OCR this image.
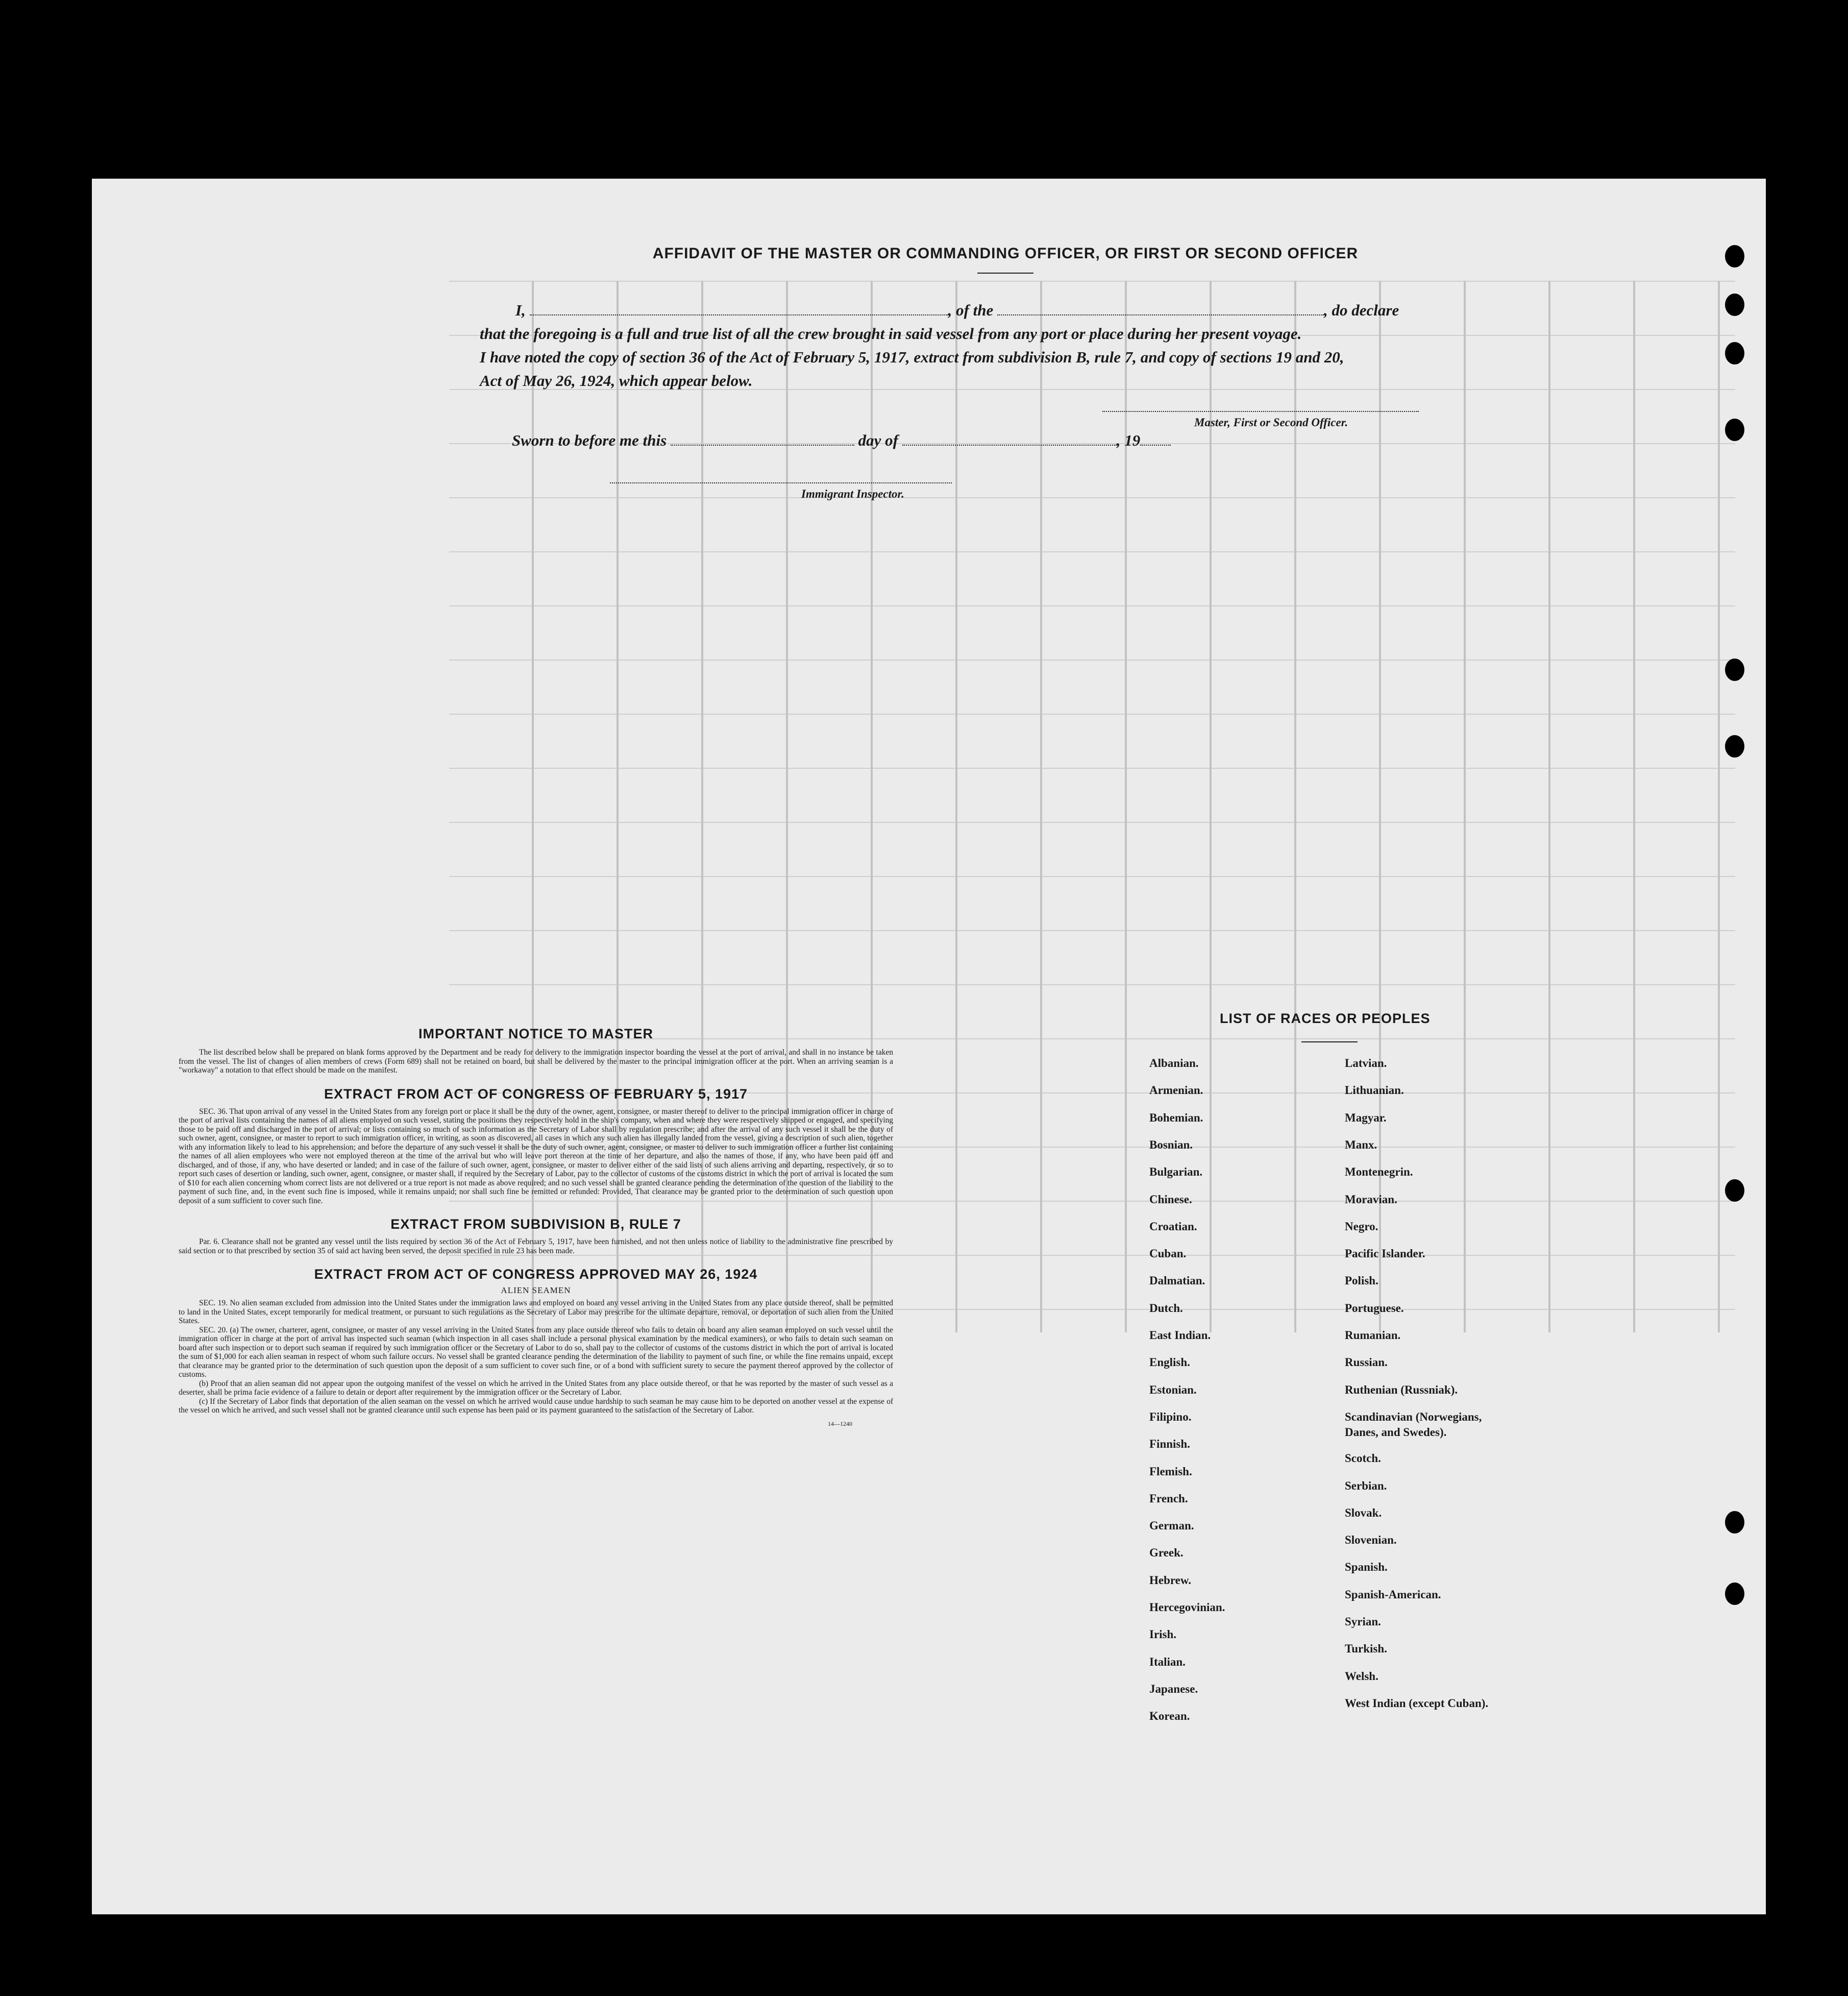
AFFIDAVIT OF THE MASTER OR COMMANDING OFFICER, OR FIRST OR SECOND OFFICER
I,	, of the	, do declare
that the foregoing is a full and true list of all the crew brought in said vessel from any port or place during her present voyage.
I have noted the copy of section 36 of the Act of February 5, 1917, extract from subdivision B, rule 7, and copy of sections 19 and 20,
Act of May 26, 1924, which appear below.
Master, First or Second Officer.
Sworn to before me this	day of	, 19
Immigrant Inspector.
IMPORTANT NOTICE TO MASTER

The list described below shall be prepared on blank forms approved by the Department and be ready for delivery to the immigration inspector boarding the vessel at the port of arrival, and shall in no instance be taken from the vessel. The list of changes of alien members of crews (Form 689) shall not be retained on board, but shall be delivered by the master to the principal immigration officer at the port. When an arriving seaman is a "workaway" a notation to that effect should be made on the manifest.

EXTRACT FROM ACT OF CONGRESS OF FEBRUARY 5, 1917

SEC. 36. That upon arrival of any vessel in the United States from any foreign port or place it shall be the duty of the owner, agent, consignee, or master thereof to deliver to the principal immigration officer in charge of the port of arrival lists containing the names of all aliens employed on such vessel, stating the positions they respectively hold in the ship's company, when and where they were respectively shipped or engaged, and specifying those to be paid off and discharged in the port of arrival; or lists containing so much of such information as the Secretary of Labor shall by regulation prescribe; and after the arrival of any such vessel it shall be the duty of such owner, agent, consignee, or master to report to such immigration officer, in writing, as soon as discovered, all cases in which any such alien has illegally landed from the vessel, giving a description of such alien, together with any information likely to lead to his apprehension; and before the departure of any such vessel it shall be the duty of such owner, agent, consignee, or master to deliver to such immigration officer a further list containing the names of all alien employees who were not employed thereon at the time of the arrival but who will leave port thereon at the time of her departure, and also the names of those, if any, who have been paid off and discharged, and of those, if any, who have deserted or landed; and in case of the failure of such owner, agent, consignee, or master to deliver either of the said lists of such aliens arriving and departing, respectively, or so to report such cases of desertion or landing, such owner, agent, consignee, or master shall, if required by the Secretary of Labor, pay to the collector of customs of the customs district in which the port of arrival is located the sum of $10 for each alien concerning whom correct lists are not delivered or a true report is not made as above required; and no such vessel shall be granted clearance pending the determination of the question of the liability to the payment of such fine, and, in the event such fine is imposed, while it remains unpaid; nor shall such fine be remitted or refunded: Provided, That clearance may be granted prior to the determination of such question upon deposit of a sum sufficient to cover such fine.

EXTRACT FROM SUBDIVISION B, RULE 7

Par. 6. Clearance shall not be granted any vessel until the lists required by section 36 of the Act of February 5, 1917, have been furnished, and not then unless notice of liability to the administrative fine prescribed by said section or to that prescribed by section 35 of said act having been served, the deposit specified in rule 23 has been made.

EXTRACT FROM ACT OF CONGRESS APPROVED MAY 26, 1924
ALIEN SEAMEN

SEC. 19. No alien seaman excluded from admission into the United States under the immigration laws and employed on board any vessel arriving in the United States from any place outside thereof, shall be permitted to land in the United States, except temporarily for medical treatment, or pursuant to such regulations as the Secretary of Labor may prescribe for the ultimate departure, removal, or deportation of such alien from the United States.

SEC. 20. (a) The owner, charterer, agent, consignee, or master of any vessel arriving in the United States from any place outside thereof who fails to detain on board any alien seaman employed on such vessel until the immigration officer in charge at the port of arrival has inspected such seaman (which inspection in all cases shall include a personal physical examination by the medical examiners), or who fails to detain such seaman on board after such inspection or to deport such seaman if required by such immigration officer or the Secretary of Labor to do so, shall pay to the collector of customs of the customs district in which the port of arrival is located the sum of $1,000 for each alien seaman in respect of whom such failure occurs. No vessel shall be granted clearance pending the determination of the liability to payment of such fine, or while the fine remains unpaid, except that clearance may be granted prior to the determination of such question upon the deposit of a sum sufficient to cover such fine, or of a bond with sufficient surety to secure the payment thereof approved by the collector of customs.

(b) Proof that an alien seaman did not appear upon the outgoing manifest of the vessel on which he arrived in the United States from any place outside thereof, or that he was reported by the master of such vessel as a deserter, shall be prima facie evidence of a failure to detain or deport after requirement by the immigration officer or the Secretary of Labor.

(c) If the Secretary of Labor finds that deportation of the alien seaman on the vessel on which he arrived would cause undue hardship to such seaman he may cause him to be deported on another vessel at the expense of the vessel on which he arrived, and such vessel shall not be granted clearance until such expense has been paid or its payment guaranteed to the satisfaction of the Secretary of Labor.

14—1240
LIST OF RACES OR PEOPLES
Albanian.
Armenian.
Bohemian.
Bosnian.
Bulgarian.
Chinese.
Croatian.
Cuban.
Dalmatian.
Dutch.
East Indian.
English.
Estonian.
Filipino.
Finnish.
Flemish.
French.
German.
Greek.
Hebrew.
Hercegovinian.
Irish.
Italian.
Japanese.
Korean.
Latvian.
Lithuanian.
Magyar.
Manx.
Montenegrin.
Moravian.
Negro.
Pacific Islander.
Polish.
Portuguese.
Rumanian.
Russian.
Ruthenian (Russniak).
Scandinavian (Norwegians,
Danes, and Swedes).
Scotch.
Serbian.
Slovak.
Slovenian.
Spanish.
Spanish-American.
Syrian.
Turkish.
Welsh.
West Indian (except Cuban).
